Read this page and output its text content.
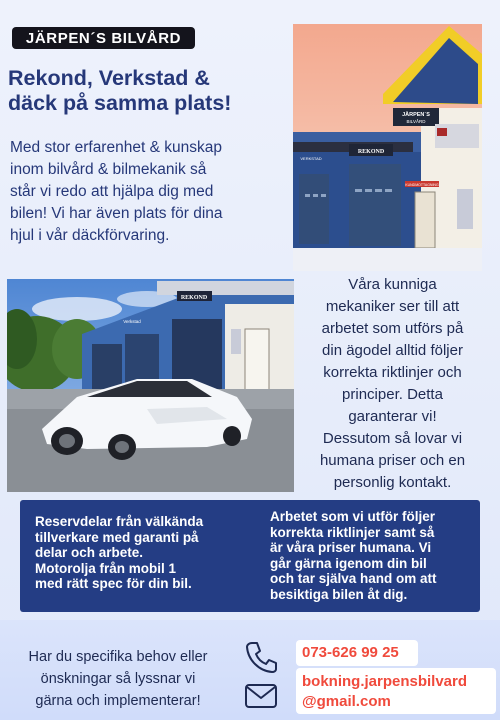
JÄRPEN´S BILVÅRD
Rekond, Verkstad &
däck på samma plats!
Med stor erfarenhet & kunskap
inom bilvård & bilmekanik så
står vi redo att hjälpa dig med
bilen! Vi har även plats för dina
hjul i vår däckförvaring.
JÄRPEN´S
BILVÅRD
REKOND
VERKSTAD
KUNDMOTTAGNING
REKOND
Verkstad
Våra kunniga
mekaniker ser till att
arbetet som utförs på
din ägodel alltid följer
korrekta riktlinjer och
principer. Detta
garanterar vi!
Dessutom så lovar vi
humana priser och en
personlig kontakt.
Reservdelar från välkända
tillverkare med garanti på
delar och arbete.
Motorolja från mobil 1
med rätt spec för din bil.
Arbetet som vi utför följer
korrekta riktlinjer samt så
är våra priser humana. Vi
går gärna igenom din bil
och tar själva hand om att
besiktiga bilen åt dig.
Har du specifika behov eller
önskningar så lyssnar vi
gärna och implementerar!
073-626 99 25
bokning.jarpensbilvard
@gmail.com
